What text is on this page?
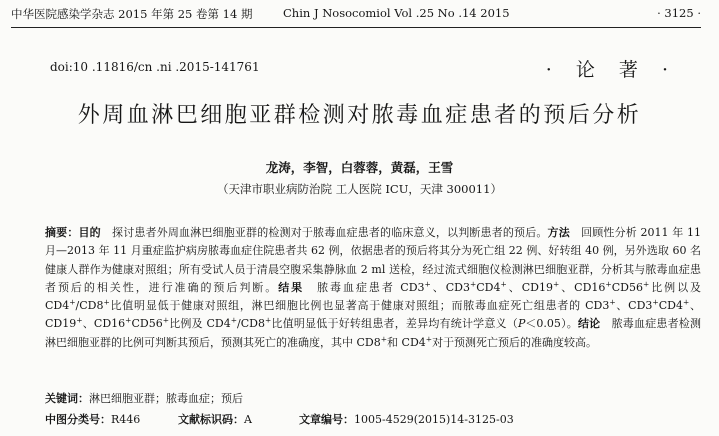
中华医院感染学杂志 2015 年第 25 卷第 14 期	Chin J Nosocomiol Vol .25 No .14 2015	· 3125 ·
doi:10 .11816/cn .ni .2015-141761	· 论 著 ·
外周血淋巴细胞亚群检测对脓毒血症患者的预后分析
龙涛，李智，白蓉蓉，黄磊，王雪
（天津市职业病防治院 工人医院 ICU，天津 300011）
摘要：目的　 探讨患者外周血淋巴细胞亚群的检测对于脓毒血症患者的临床意义，以判断患者的预后。方法　 回顾性分析 2011 年 11 月—2013 年 11 月重症监护病房脓毒血症住院患者共 62 例，依据患者的预后将其分为死亡组 22 例、好转组 40 例，另外选取 60 名健康人群作为健康对照组；所有受试人员于清晨空腹采集静脉血 2 ml 送检，经过流式细胞仪检测淋巴细胞亚群，分析其与脓毒血症患者预后的相关性，进行准确的预后判断。结果　 脓毒血症患者 CD3+、CD3+CD4+、CD19+、CD16+CD56+比例以及 CD4+/CD8+比值明显低于健康对照组，淋巴细胞比例也显著高于健康对照组；而脓毒血症死亡组患者的 CD3+、CD3+CD4+、CD19+、CD16+CD56+比例及 CD4+/CD8+比值明显低于好转组患者，差异均有统计学意义（P＜0.05）。结论　 脓毒血症患者检测淋巴细胞亚群的比例可判断其预后，预测其死亡的准确度，其中 CD8+和 CD4+对于预测死亡预后的准确度较高。
关键词：淋巴细胞亚群；脓毒血症；预后
中图分类号：R446	文献标识码：A	文章编号：1005-4529(2015)14-3125-03
